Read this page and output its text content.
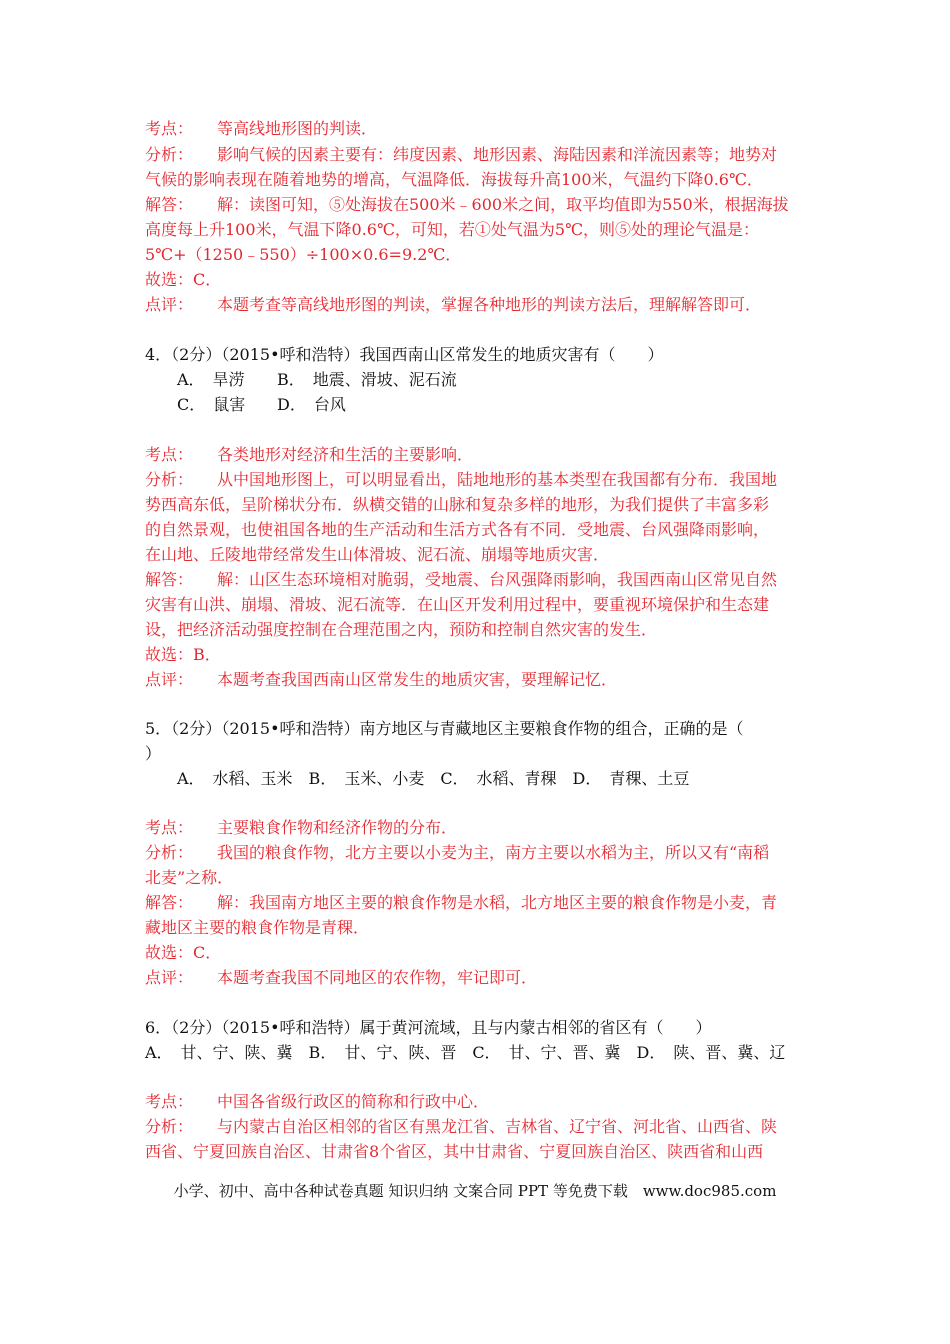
考点：　　等高线地形图的判读．
分析：　　影响气候的因素主要有：纬度因素、地形因素、海陆因素和洋流因素等；地势对
气候的影响表现在随着地势的增高，气温降低．海拔每升高100米，气温约下降0.6℃．
解答：　　解：读图可知，⑤处海拔在500米﹣600米之间，取平均值即为550米，根据海拔
高度每上升100米，气温下降0.6℃，可知，若①处气温为5℃，则⑤处的理论气温是：
5℃+（1250﹣550）÷100×0.6=9.2℃．
故选：C．
点评：　　本题考查等高线地形图的判读，掌握各种地形的判读方法后，理解解答即可．
4．（2分）（2015•呼和浩特）我国西南山区常发生的地质灾害有（　　）
A．　旱涝 B．　地震、滑坡、泥石流
C．　鼠害 D．　台风
考点：　　各类地形对经济和生活的主要影响．
分析：　　从中国地形图上，可以明显看出，陆地地形的基本类型在我国都有分布．我国地
势西高东低，呈阶梯状分布．纵横交错的山脉和复杂多样的地形，为我们提供了丰富多彩
的自然景观，也使祖国各地的生产活动和生活方式各有不同．受地震、台风强降雨影响，
在山地、丘陵地带经常发生山体滑坡、泥石流、崩塌等地质灾害．
解答：　　解：山区生态环境相对脆弱，受地震、台风强降雨影响，我国西南山区常见自然
灾害有山洪、崩塌、滑坡、泥石流等．在山区开发利用过程中，要重视环境保护和生态建
设，把经济活动强度控制在合理范围之内，预防和控制自然灾害的发生．
故选：B．
点评：　　本题考查我国西南山区常发生的地质灾害，要理解记忆．
5．（2分）（2015•呼和浩特）南方地区与青藏地区主要粮食作物的组合，正确的是（
）
A．　水稻、玉米　B．　玉米、小麦　C．　水稻、青稞　D．　青稞、土豆
考点：　　主要粮食作物和经济作物的分布．
分析：　　我国的粮食作物，北方主要以小麦为主，南方主要以水稻为主，所以又有“南稻
北麦”之称．
解答：　　解：我国南方地区主要的粮食作物是水稻，北方地区主要的粮食作物是小麦，青
藏地区主要的粮食作物是青稞．
故选：C．
点评：　　本题考查我国不同地区的农作物，牢记即可．
6．（2分）（2015•呼和浩特）属于黄河流域，且与内蒙古相邻的省区有（　　）
A．　甘、宁、陕、冀　B．　甘、宁、陕、晋　C．　甘、宁、晋、冀　D．　陕、晋、冀、辽
考点：　　中国各省级行政区的简称和行政中心．
分析：　　与内蒙古自治区相邻的省区有黑龙江省、吉林省、辽宁省、河北省、山西省、陕
西省、宁夏回族自治区、甘肃省8个省区，其中甘肃省、宁夏回族自治区、陕西省和山西
小学、初中、高中各种试卷真题 知识归纳 文案合同 PPT 等免费下载　www.doc985.com
